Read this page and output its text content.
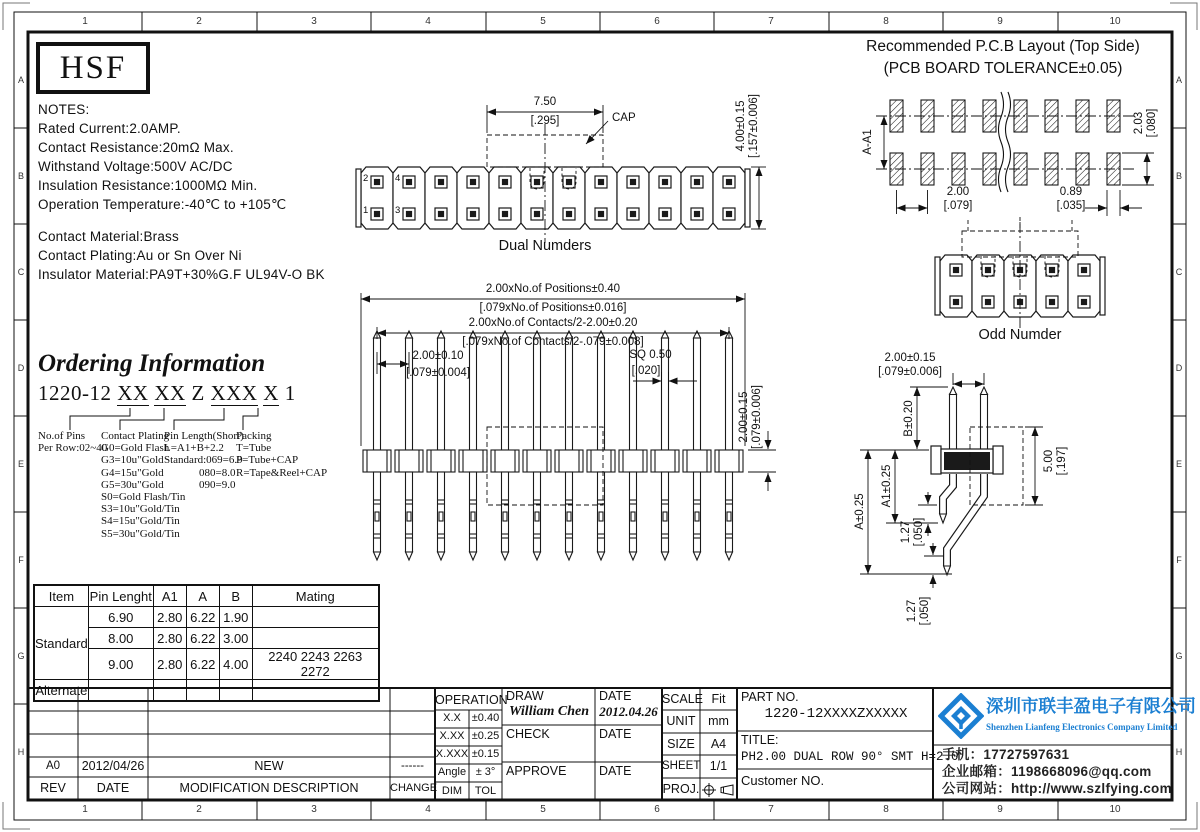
1	2	3	4	5	6	7	8	9	10
1	2	3	4	5	6	7	8	9	10
A
B
C
D
E
F
G
H
A
B
C
D
E
F
G
H
HSF
NOTES:
Rated Current:2.0AMP.
Contact Resistance:20mΩ Max.
Withstand Voltage:500V AC/DC
Insulation Resistance:1000MΩ Min.
Operation Temperature:-40℃ to +105℃
Contact Material:Brass
Contact Plating:Au or Sn Over Ni
Insulator Material:PA9T+30%G.F UL94V-O BK
Ordering Information
1220-12 XX XX Z XXX X 1
No.of Pins
Per Row:02~40
Contact Plating
G0=Gold Flash
G3=10u"Gold
G4=15u"Gold
G5=30u"Gold
S0=Gold Flash/Tin
S3=10u"Gold/Tin
S4=15u"Gold/Tin
S5=30u"Gold/Tin
Pin Length(Short)
L=A1+B+2.2
Standard:069=6.9
080=8.0
090=9.0
Packing
T=Tube
P=Tube+CAP
R=Tape&Reel+CAP
Item	Pin Lenght	A1	A	B	Mating
Standard	6.90	2.80	6.22	1.90	
	8.00	2.80	6.22	3.00	
	9.00	2.80	6.22	4.00	2240 2243 2263 2272
Alternate					
A0	2012/04/26	NEW	------
REV	DATE	MODIFICATION DESCRIPTION	CHANGE
OPERATION
X.X ±0.40
X.XX ±0.25
X.XXX ±0.15
Angle ± 3°
DIM	TOL
DRAW
William Chen
DATE
2012.04.26
CHECK	DATE
APPROVE	DATE
SCALE Fit
UNIT	mm
SIZE	A4
SHEET 1/1
PROJ.
PART NO.
1220-12XXXXZXXXXX
TITLE:
PH2.00 DUAL ROW 90° SMT H=2.0
Customer NO.
深圳市联丰盈电子有限公司
Shenzhen Lianfeng Electronics Company Limited
手机：17727597631
企业邮箱：1198668096@qq.com
公司网站：http://www.szlfying.com
Recommended P.C.B Layout (Top Side)
(PCB BOARD TOLERANCE±0.05)
A-A1
2.03 [.080]
2.00
[.079]
0.89
[.035]
7.50
[.295]	CAP	4.00±0.15 [.157±0.006]
2
1
4
3
Dual Numders
2.00xNo.of Positions±0.40
[.079xNo.of Positions±0.016]
2.00xNo.of Contacts/2-2.00±0.20
[.079xNo.of Contacts/2-.079±0.008]
2.00±0.10
[.079±0.004]
SQ 0.50
[.020]
2.00±0.15 [.079±0.006]
Odd Numder
2.00±0.15
[.079±0.006]
B±0.20
A1±0.25
A±0.25
1.27 [.050]
1.27 [.050]
5.00 [.197]
